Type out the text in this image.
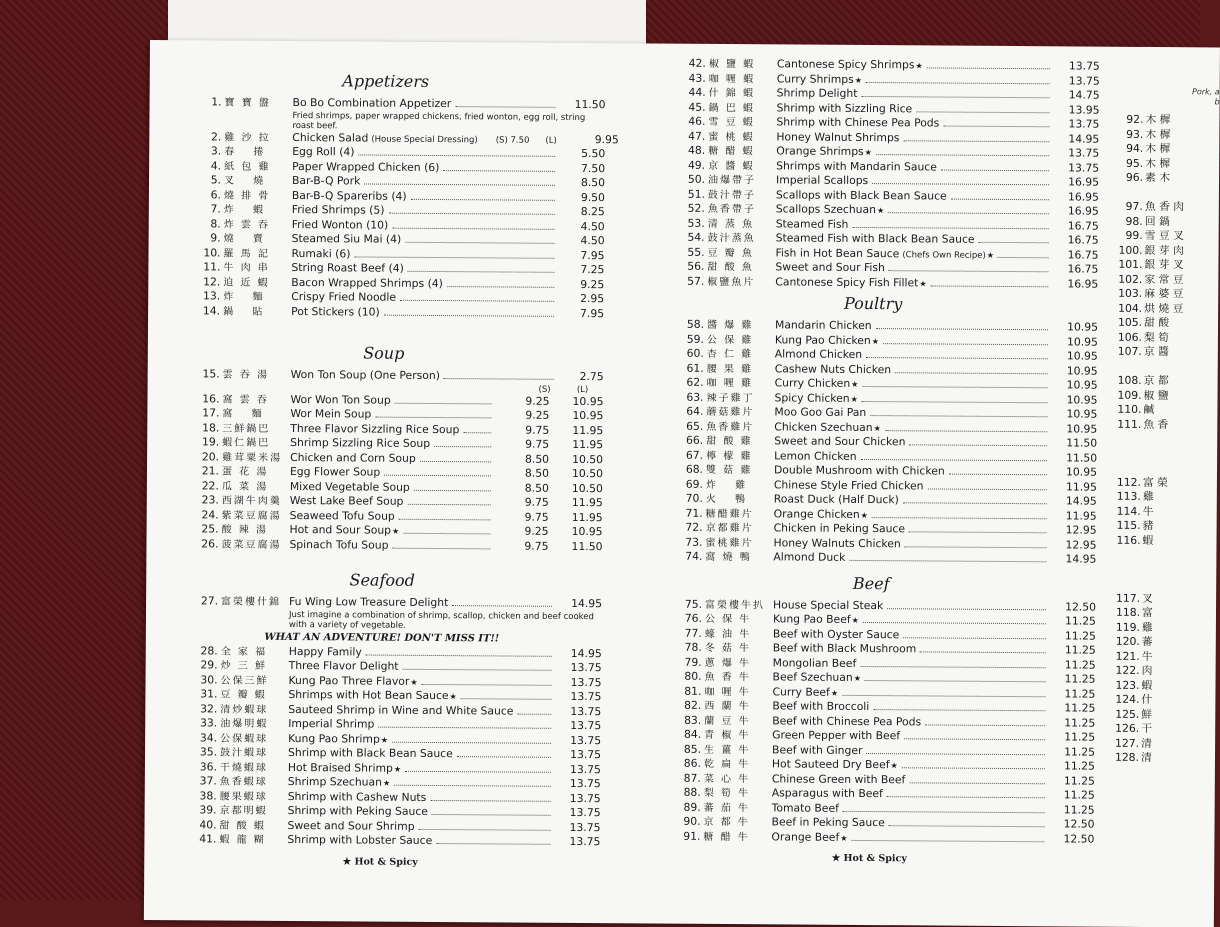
Appetizers
1. 寶 寶 盤	Bo Bo Combination Appetizer	11.50
Fried shrimps, paper wrapped chickens, fried wonton, egg roll, string roast beef.
2. 雞 沙 拉	Chicken Salad (House Special Dressing) (S) 7.50 (L)	9.95
3. 春　 捲	Egg Roll (4)	5.50
4. 紙 包 雞	Paper Wrapped Chicken (6)	7.50
5. 叉　 燒	Bar-B-Q Pork	8.50
6. 燒 排 骨	Bar-B-Q Spareribs (4)	9.50
7. 炸　 蝦	Fried Shrimps (5)	8.25
8. 炸 雲 吞	Fried Wonton (10)	4.50
9. 燒　 賣	Steamed Siu Mai (4)	4.50
10. 羅 馬 記	Rumaki (6)	7.95
11. 牛 肉 串	String Roast Beef (4)	7.25
12. 迫 近 蝦	Bacon Wrapped Shrimps (4)	9.25
13. 炸　 麵	Crispy Fried Noodle	2.95
14. 鍋　 貼	Pot Stickers (10)	7.95
Soup
15. 雲 吞 湯	Won Ton Soup (One Person)	2.75
(S)	(L)
16. 窩 雲 吞	Wor Won Ton Soup	9.25	10.95
17. 窩　 麵	Wor Mein Soup	9.25	10.95
18. 三鮮鍋巴	Three Flavor Sizzling Rice Soup	9.75	11.95
19. 蝦仁鍋巴	Shrimp Sizzling Rice Soup	9.75	11.95
20. 雞茸粟米湯 Chicken and Corn Soup	8.50	10.50
21. 蛋 花 湯	Egg Flower Soup	8.50	10.50
22. 瓜 菜 湯	Mixed Vegetable Soup	8.50	10.50
23. 西湖牛肉羹 West Lake Beef Soup	9.75	11.95
24. 紫菜豆腐湯 Seaweed Tofu Soup	9.75	11.95
25. 酸 辣 湯	Hot and Sour Soup ★	9.25	10.95
26. 菠菜豆腐湯 Spinach Tofu Soup	9.75	11.50
Seafood
27. 富榮樓什錦 Fu Wing Low Treasure Delight	14.95
Just imagine a combination of shrimp, scallop, chicken and beef cooked with a variety of vegetable.
WHAT AN ADVENTURE! DON'T MISS IT!!
28. 全 家 福	Happy Family	14.95
29. 炒 三 鮮	Three Flavor Delight	13.75
30. 公保三鮮	Kung Pao Three Flavor ★	13.75
31. 豆 瓣 蝦	Shrimps with Hot Bean Sauce ★	13.75
32. 清炒蝦球	Sauteed Shrimp in Wine and White Sauce	13.75
33. 油爆明蝦	Imperial Shrimp	13.75
34. 公保蝦球	Kung Pao Shrimp ★	13.75
35. 鼓汁蝦球	Shrimp with Black Bean Sauce	13.75
36. 干燒蝦球	Hot Braised Shrimp ★	13.75
37. 魚香蝦球	Shrimp Szechuan ★	13.75
38. 腰果蝦球	Shrimp with Cashew Nuts	13.75
39. 京都明蝦	Shrimp with Peking Sauce	13.75
40. 甜 酸 蝦	Sweet and Sour Shrimp	13.75
41. 蝦 龍 糊	Shrimp with Lobster Sauce	13.75
★ Hot & Spicy
42. 椒 鹽 蝦	Cantonese Spicy Shrimps ★	13.75
43. 咖 喱 蝦	Curry Shrimps ★	13.75
44. 什 錦 蝦	Shrimp Delight	14.75
45. 鍋 巴 蝦	Shrimp with Sizzling Rice	13.95
46. 雪 豆 蝦	Shrimp with Chinese Pea Pods	13.75
47. 蜜 桃 蝦	Honey Walnut Shrimps	14.95
48. 糖 醋 蝦	Orange Shrimps ★	13.75
49. 京 醬 蝦	Shrimps with Mandarin Sauce	13.75
50. 油爆帶子	Imperial Scallops	16.95
51. 鼓汁帶子	Scallops with Black Bean Sauce	16.95
52. 魚香帶子	Scallops Szechuan ★	16.95
53. 清 蒸 魚	Steamed Fish	16.75
54. 鼓汁蒸魚	Steamed Fish with Black Bean Sauce	16.75
55. 豆 瓣 魚	Fish in Hot Bean Sauce (Chefs Own Recipe) ★	16.75
56. 甜 酸 魚	Sweet and Sour Fish	16.75
57. 椒鹽魚片	Cantonese Spicy Fish Fillet ★	16.95
Poultry
58. 醬 爆 雞	Mandarin Chicken	10.95
59. 公 保 雞	Kung Pao Chicken ★	10.95
60. 杏 仁 雞	Almond Chicken	10.95
61. 腰 果 雞	Cashew Nuts Chicken	10.95
62. 咖 喱 雞	Curry Chicken ★	10.95
63. 辣子雞丁	Spicy Chicken ★	10.95
64. 蘑菇雞片	Moo Goo Gai Pan	10.95
65. 魚香雞片	Chicken Szechuan ★	10.95
66. 甜 酸 雞	Sweet and Sour Chicken	11.50
67. 檸 檬 雞	Lemon Chicken	11.50
68. 雙 菇 雞	Double Mushroom with Chicken	10.95
69. 炸　 雞	Chinese Style Fried Chicken	11.95
70. 火　 鴨	Roast Duck (Half Duck)	14.95
71. 糖醋雞片	Orange Chicken ★	11.95
72. 京都雞片	Chicken in Peking Sauce	12.95
73. 蜜桃雞片	Honey Walnuts Chicken	12.95
74. 窩 燒 鴨	Almond Duck	14.95
Beef
75. 富榮樓牛扒 House Special Steak	12.50
76. 公 保 牛	Kung Pao Beef ★	11.25
77. 蠔 油 牛	Beef with Oyster Sauce	11.25
78. 冬 菇 牛	Beef with Black Mushroom	11.25
79. 蔥 爆 牛	Mongolian Beef	11.25
80. 魚 香 牛	Beef Szechuan ★	11.25
81. 咖 喱 牛	Curry Beef ★	11.25
82. 西 蘭 牛	Beef with Broccoli	11.25
83. 蘭 豆 牛	Beef with Chinese Pea Pods	11.25
84. 青 椒 牛	Green Pepper with Beef	11.25
85. 生 薑 牛	Beef with Ginger	11.25
86. 乾 扁 牛	Hot Sauteed Dry Beef ★	11.25
87. 菜 心 牛	Chinese Green with Beef	11.25
88. 梨 筍 牛	Asparagus with Beef	11.25
89. 蕃 茄 牛	Tomato Beef	11.25
90. 京 都 牛	Beef in Peking Sauce	12.50
91. 糖 醋 牛	Orange Beef ★	12.50
★ Hot & Spicy
Pork, a
b
92. 木 樨
93. 木 樨
94. 木 樨
95. 木 樨
96. 素 木
97. 魚 香 肉
98. 回 鍋
99. 雪 豆 叉
100. 銀 芽 肉
101. 銀 芽 叉
102. 家 常 豆
103. 麻 婆 豆
104. 烘 燒 豆
105. 甜 酸
106. 梨 筍
107. 京 醬
108. 京 都
109. 椒 鹽
110. 鹹
111. 魚 香
112. 富 榮
113. 雞
114. 牛
115. 豬
116. 蝦
117. 叉
118. 富
119. 雞
120. 蕃
121. 牛
122. 肉
123. 蝦
124. 什
125. 鮮
126. 干
127. 清
128. 清
